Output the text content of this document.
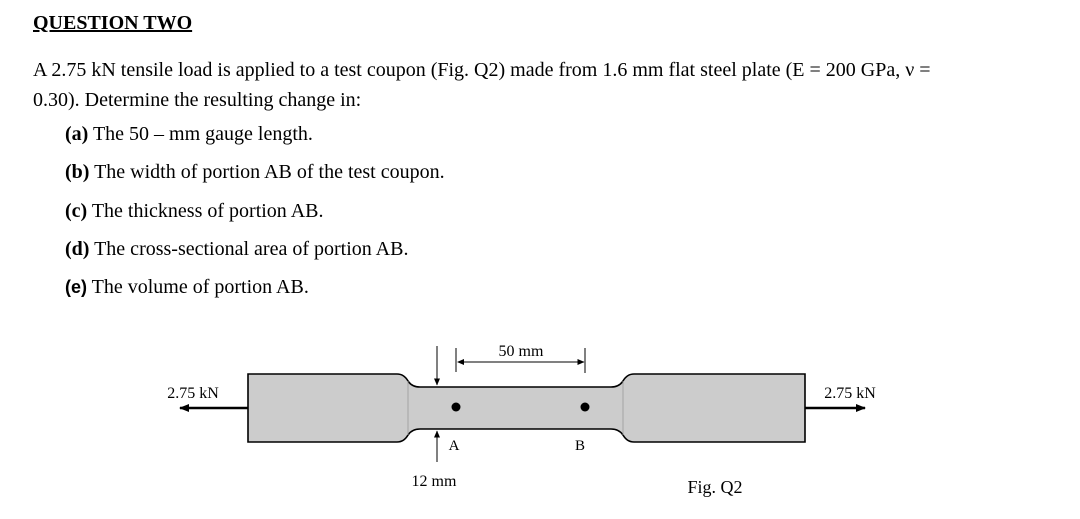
QUESTION TWO
A 2.75 kN tensile load is applied to a test coupon (Fig. Q2) made from 1.6 mm flat steel plate (E = 200 GPa, ν =
0.30). Determine the resulting change in:
(a) The 50 – mm gauge length.
(b) The width of portion AB of the test coupon.
(c) The thickness of portion AB.
(d) The cross-sectional area of portion AB.
(e) The volume of portion AB.
2.75 kN	2.75 kN
50 mm
A	B
12 mm	Fig. Q2
